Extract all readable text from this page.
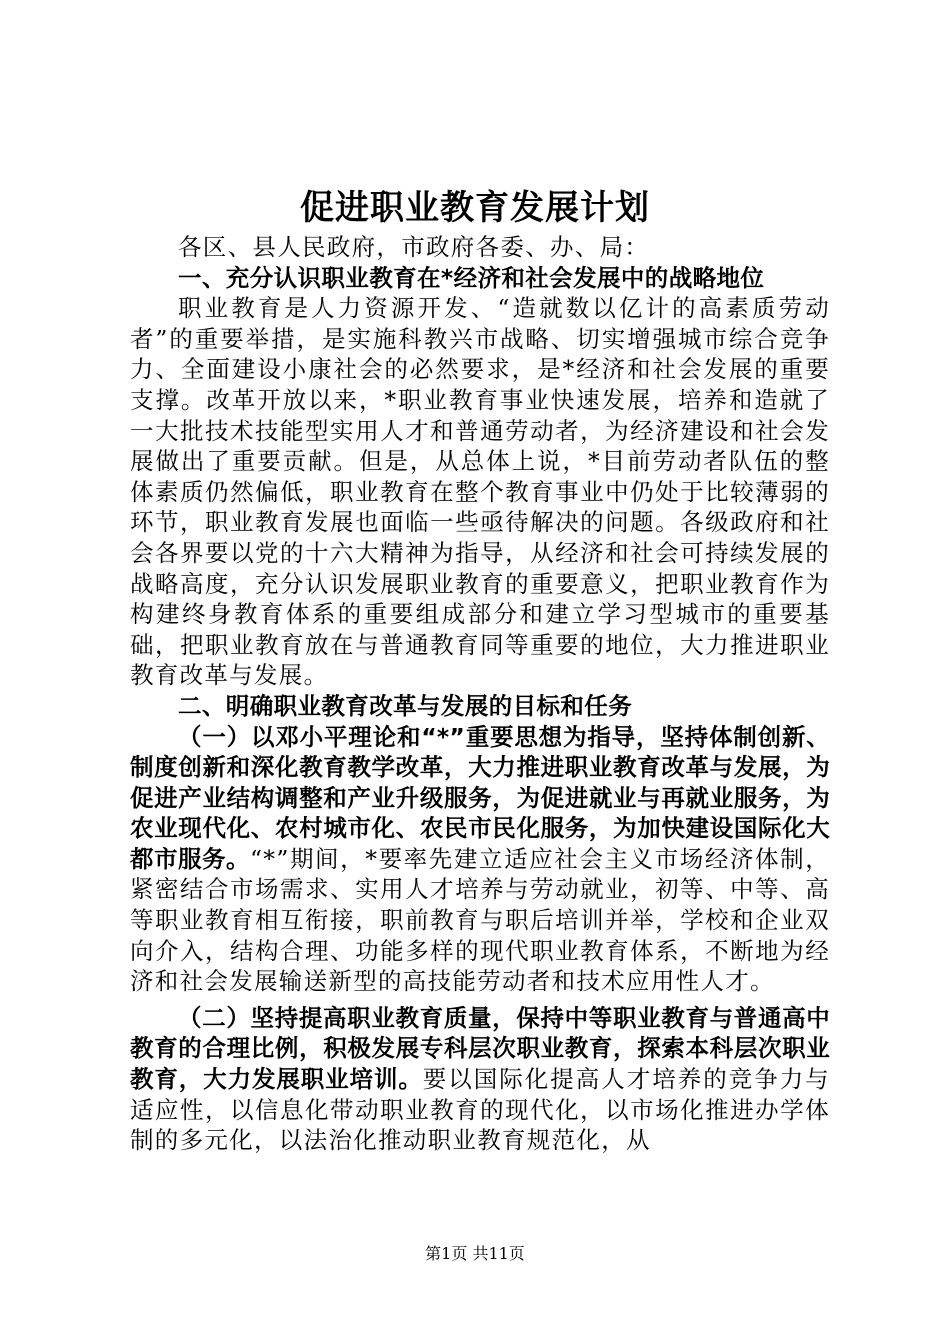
促进职业教育发展计划

各区、县人民政府，市政府各委、办、局：

一、充分认识职业教育在*经济和社会发展中的战略地位

职业教育是人力资源开发、“造就数以亿计的高素质劳动者”的重要举措，是实施科教兴市战略、切实增强城市综合竞争力、全面建设小康社会的必然要求，是*经济和社会发展的重要支撑。改革开放以来，*职业教育事业快速发展，培养和造就了一大批技术技能型实用人才和普通劳动者，为经济建设和社会发展做出了重要贡献。但是，从总体上说，*目前劳动者队伍的整体素质仍然偏低，职业教育在整个教育事业中仍处于比较薄弱的环节，职业教育发展也面临一些亟待解决的问题。各级政府和社会各界要以党的十六大精神为指导，从经济和社会可持续发展的战略高度，充分认识发展职业教育的重要意义，把职业教育作为构建终身教育体系的重要组成部分和建立学习型城市的重要基础，把职业教育放在与普通教育同等重要的地位，大力推进职业教育改革与发展。

二、明确职业教育改革与发展的目标和任务

（一）以邓小平理论和“*”重要思想为指导，坚持体制创新、制度创新和深化教育教学改革，大力推进职业教育改革与发展，为促进产业结构调整和产业升级服务，为促进就业与再就业服务，为农业现代化、农村城市化、农民市民化服务，为加快建设国际化大都市服务。“*”期间，*要率先建立适应社会主义市场经济体制，紧密结合市场需求、实用人才培养与劳动就业，初等、中等、高等职业教育相互衔接，职前教育与职后培训并举，学校和企业双向介入，结构合理、功能多样的现代职业教育体系，不断地为经济和社会发展输送新型的高技能劳动者和技术应用性人才。

（二）坚持提高职业教育质量，保持中等职业教育与普通高中教育的合理比例，积极发展专科层次职业教育，探索本科层次职业教育，大力发展职业培训。要以国际化提高人才培养的竞争力与适应性，以信息化带动职业教育的现代化，以市场化推进办学体制的多元化，以法治化推动职业教育规范化，从

第1页 共11页
